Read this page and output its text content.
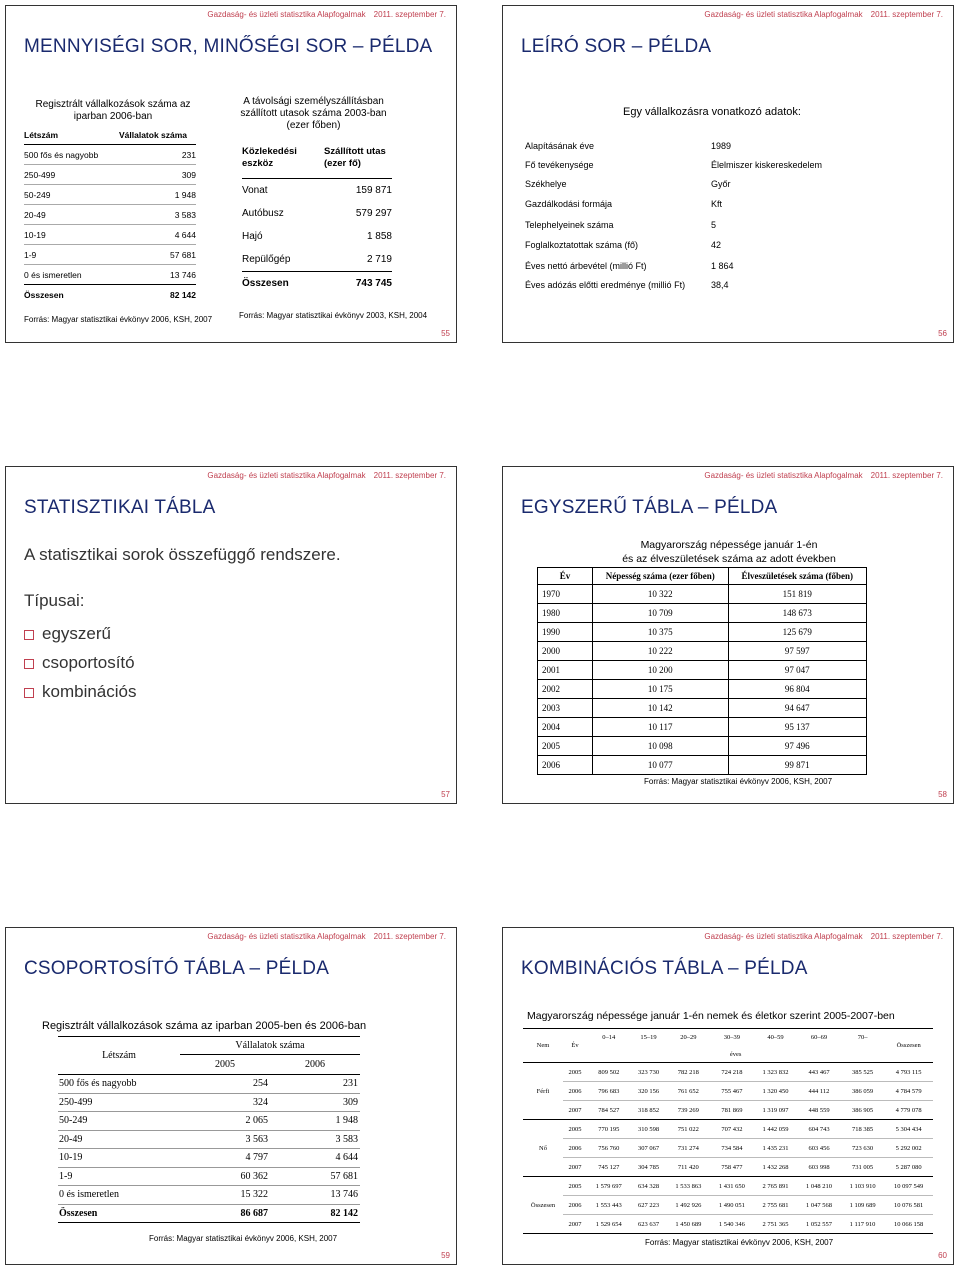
Gazdaság- és üzleti statisztika Alapfogalmak 2011. szeptember 7.
MENNYISÉGI SOR, MINŐSÉGI SOR – PÉLDA
Regisztrált vállalkozások száma az iparban 2006-ban
Létszám	Vállalatok száma
500 fős és nagyobb	231
250-499	309
50-249	1 948
20-49	3 583
10-19	4 644
1-9	57 681
0 és ismeretlen	13 746
Összesen	82 142
Forrás: Magyar statisztikai évkönyv 2006, KSH, 2007
A távolsági személyszállításban szállított utasok száma 2003-ban (ezer főben)
Közlekedési eszköz
Szállított utas (ezer fő)
Vonat	159 871
Autóbusz	579 297
Hajó	1 858
Repülőgép	2 719
Összesen	743 745
Forrás: Magyar statisztikai évkönyv 2003, KSH, 2004
55
Gazdaság- és üzleti statisztika Alapfogalmak 2011. szeptember 7.
LEÍRÓ SOR – PÉLDA
Egy vállalkozásra vonatkozó adatok:
Alapításának éve	1989
Fő tevékenysége	Élelmiszer kiskereskedelem
Székhelye	Győr
Gazdálkodási formája	Kft
Telephelyeinek száma	5
Foglalkoztatottak száma (fő)	42
Éves nettó árbevétel (millió Ft)	1 864
Éves adózás előtti eredménye (millió Ft)	38,4
56
Gazdaság- és üzleti statisztika Alapfogalmak 2011. szeptember 7.
STATISZTIKAI TÁBLA
A statisztikai sorok összefüggő rendszere.
Típusai:
egyszerű
csoportosító
kombinációs
57
Gazdaság- és üzleti statisztika Alapfogalmak 2011. szeptember 7.
EGYSZERŰ TÁBLA – PÉLDA
Magyarország népessége január 1-én
és az élveszületések száma az adott években
Év	Népesség száma (ezer főben)	Élveszületések száma (főben)
1970	10 322	151 819
1980	10 709	148 673
1990	10 375	125 679
2000	10 222	97 597
2001	10 200	97 047
2002	10 175	96 804
2003	10 142	94 647
2004	10 117	95 137
2005	10 098	97 496
2006	10 077	99 871
Forrás: Magyar statisztikai évkönyv 2006, KSH, 2007
58
Gazdaság- és üzleti statisztika Alapfogalmak 2011. szeptember 7.
CSOPORTOSÍTÓ TÁBLA – PÉLDA
Regisztrált vállalkozások száma az iparban 2005-ben és 2006-ban
Létszám	Vállalatok száma	
	2005	2006
500 fős és nagyobb	254	231
250-499	324	309
50-249	2 065	1 948
20-49	3 563	3 583
10-19	4 797	4 644
1-9	60 362	57 681
0 és ismeretlen	15 322	13 746
Összesen	86 687	82 142
Forrás: Magyar statisztikai évkönyv 2006, KSH, 2007
59
Gazdaság- és üzleti statisztika Alapfogalmak 2011. szeptember 7.
KOMBINÁCIÓS TÁBLA – PÉLDA
Magyarország népessége január 1-én nemek és életkor szerint 2005-2007-ben
Nem	Év	0–14	15–19	20–29	30–39	40–59	60–69	70–	Összesen
		éves							
Férfi	2005	809 502	323 730	782 218	724 218	1 323 832	443 467	385 525	4 793 115
	2006	796 683	320 156	761 652	755 467	1 320 450	444 112	386 059	4 784 579
	2007	784 527	318 852	739 269	781 869	1 319 097	448 559	386 905	4 779 078
Nő	2005	770 195	310 598	751 022	707 432	1 442 059	604 743	718 385	5 304 434
	2006	756 760	307 067	731 274	734 584	1 435 231	603 456	723 630	5 292 002
	2007	745 127	304 785	711 420	758 477	1 432 268	603 998	731 005	5 287 080
Összesen	2005	1 579 697	634 328	1 533 863	1 431 650	2 765 891	1 048 210	1 103 910	10 097 549
	2006	1 553 443	627 223	1 492 926	1 490 051	2 755 681	1 047 568	1 109 689	10 076 581
	2007	1 529 654	623 637	1 450 689	1 540 346	2 751 365	1 052 557	1 117 910	10 066 158
Forrás: Magyar statisztikai évkönyv 2006, KSH, 2007
60
